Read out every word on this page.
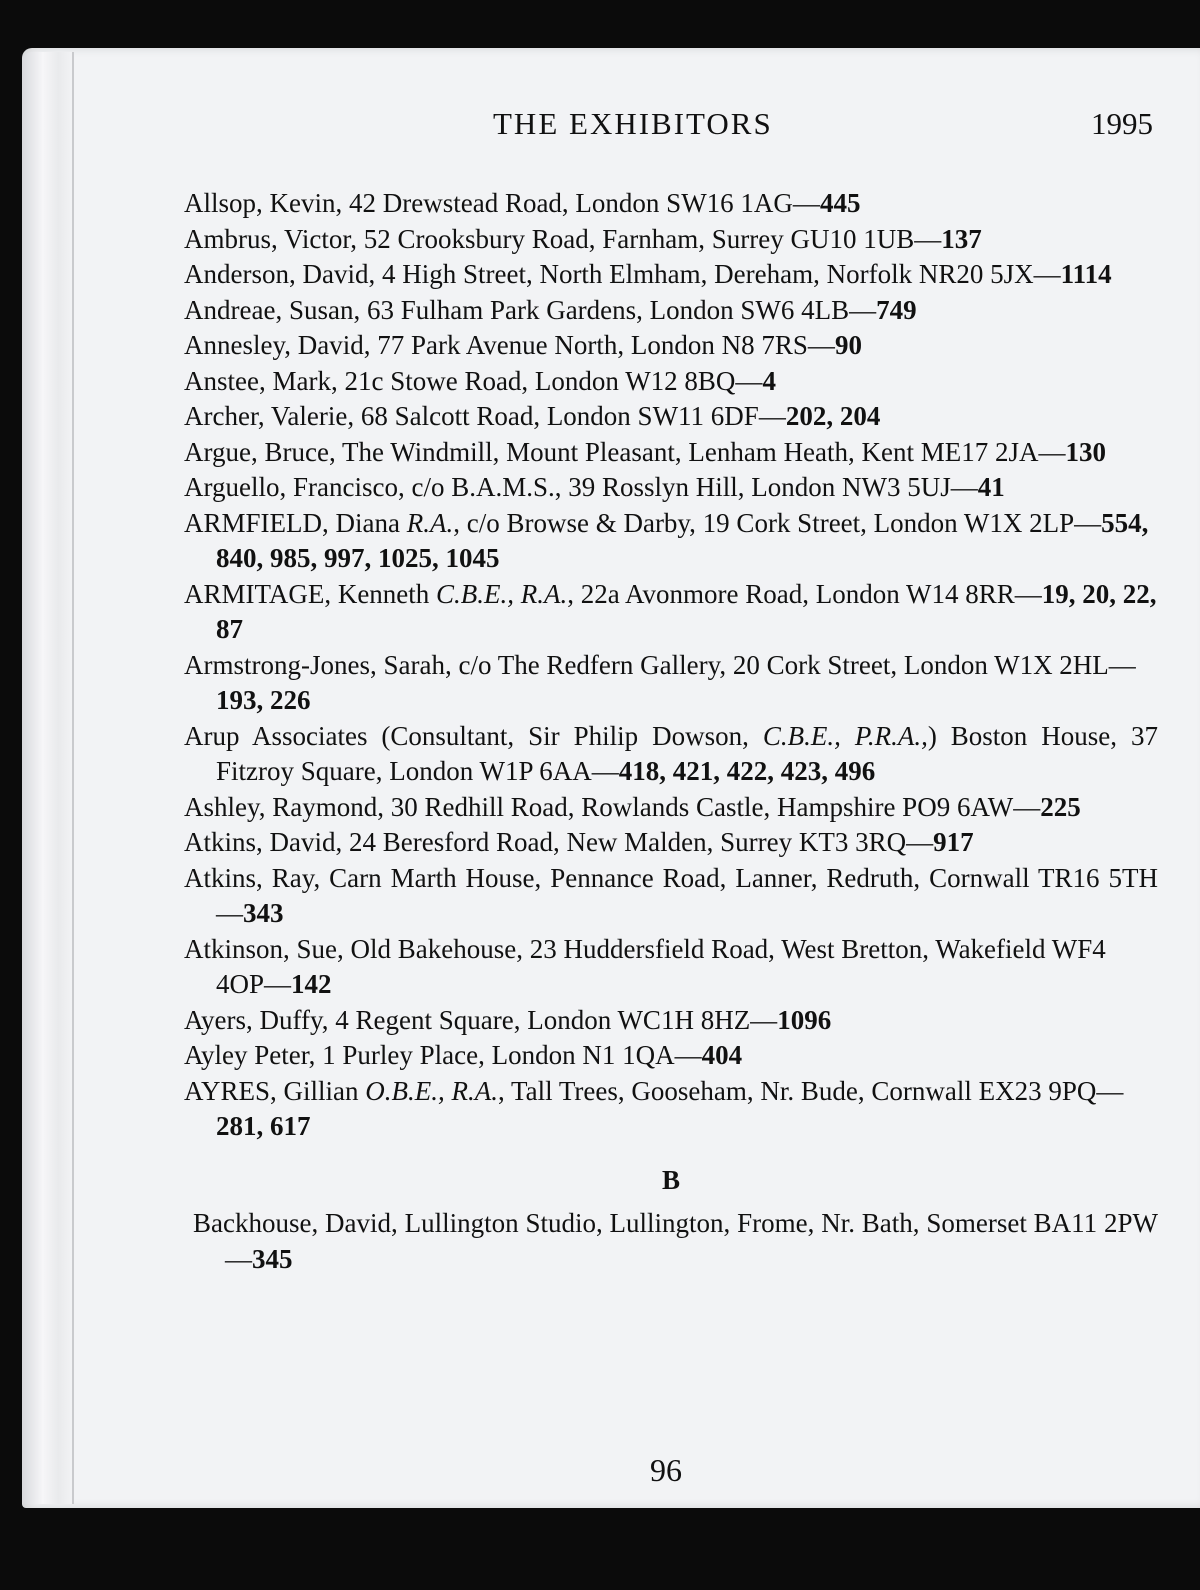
THE EXHIBITORS	1995

Allsop, Kevin, 42 Drewstead Road, London SW16 1AG—445

Ambrus, Victor, 52 Crooksbury Road, Farnham, Surrey GU10 1UB—137

Anderson, David, 4 High Street, North Elmham, Dereham, Norfolk NR20 5JX—1114

Andreae, Susan, 63 Fulham Park Gardens, London SW6 4LB—749

Annesley, David, 77 Park Avenue North, London N8 7RS—90

Anstee, Mark, 21c Stowe Road, London W12 8BQ—4

Archer, Valerie, 68 Salcott Road, London SW11 6DF—202, 204

Argue, Bruce, The Windmill, Mount Pleasant, Lenham Heath, Kent ME17 2JA—130

Arguello, Francisco, c/o B.A.M.S., 39 Rosslyn Hill, London NW3 5UJ—41

ARMFIELD, Diana R.A., c/o Browse & Darby, 19 Cork Street, London W1X 2LP—554, 840, 985, 997, 1025, 1045

ARMITAGE, Kenneth C.B.E., R.A., 22a Avonmore Road, London W14 8RR—19, 20, 22, 87

Armstrong-Jones, Sarah, c/o The Redfern Gallery, 20 Cork Street, London W1X 2HL—193, 226

Arup Associates (Consultant, Sir Philip Dowson, C.B.E., P.R.A.,) Boston House, 37 Fitzroy Square, London W1P 6AA—418, 421, 422, 423, 496

Ashley, Raymond, 30 Redhill Road, Rowlands Castle, Hampshire PO9 6AW—225

Atkins, David, 24 Beresford Road, New Malden, Surrey KT3 3RQ—917

Atkins, Ray, Carn Marth House, Pennance Road, Lanner, Redruth, Cornwall TR16 5TH—343

Atkinson, Sue, Old Bakehouse, 23 Huddersfield Road, West Bretton, Wakefield WF4 4OP—142

Ayers, Duffy, 4 Regent Square, London WC1H 8HZ—1096

Ayley Peter, 1 Purley Place, London N1 1QA—404

AYRES, Gillian O.B.E., R.A., Tall Trees, Gooseham, Nr. Bude, Cornwall EX23 9PQ—281, 617

B

Backhouse, David, Lullington Studio, Lullington, Frome, Nr. Bath, Somerset BA11 2PW—345

96
